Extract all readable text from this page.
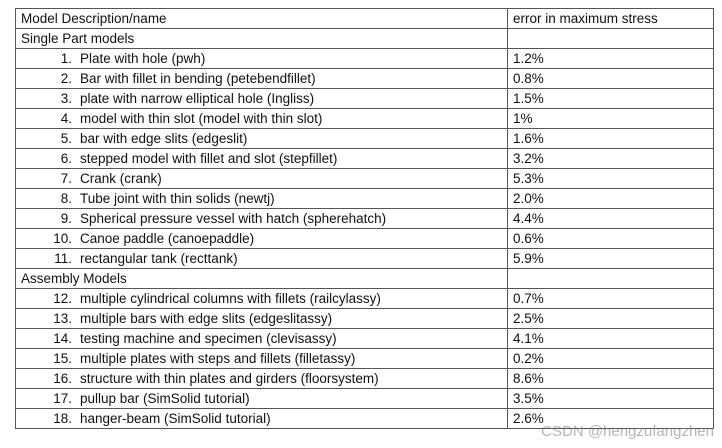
Model Description/name	error in maximum stress
Single Part models	
1. Plate with hole (pwh)	1.2%
2. Bar with fillet in bending (petebendfillet)	0.8%
3. plate with narrow elliptical hole (Ingliss)	1.5%
4. model with thin slot (model with thin slot)	1%
5. bar with edge slits (edgeslit)	1.6%
6. stepped model with fillet and slot (stepfillet)	3.2%
7. Crank (crank)	5.3%
8. Tube joint with thin solids (newtj)	2.0%
9. Spherical pressure vessel with hatch (spherehatch)	4.4%
10. Canoe paddle (canoepaddle)	0.6%
11. rectangular tank (recttank)	5.9%
Assembly Models	
12. multiple cylindrical columns with fillets (railcylassy)	0.7%
13. multiple bars with edge slits (edgeslitassy)	2.5%
14. testing machine and specimen (clevisassy)	4.1%
15. multiple plates with steps and fillets (filletassy)	0.2%
16. structure with thin plates and girders (floorsystem)	8.6%
17. pullup bar (SimSolid tutorial)	3.5%
18. hanger-beam (SimSolid tutorial)	2.6%
CSDN @hengzufangzhen
